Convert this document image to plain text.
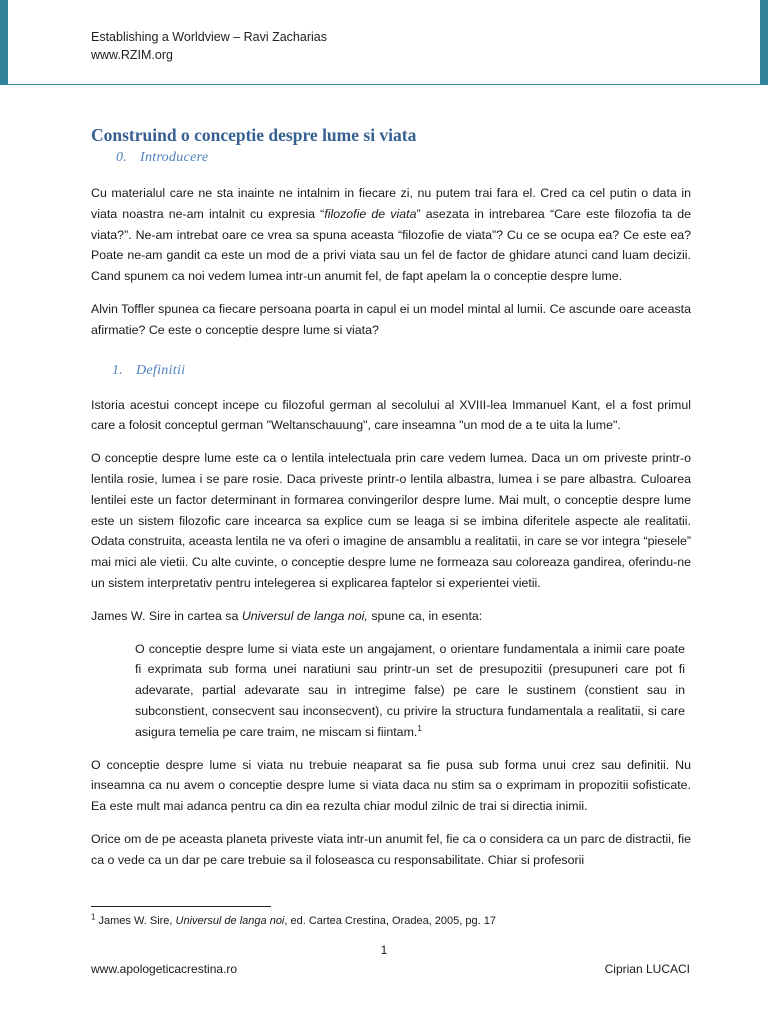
Establishing a Worldview – Ravi Zacharias
www.RZIM.org
Construind o conceptie despre lume si viata
0. Introducere

Cu materialul care ne sta inainte ne intalnim in fiecare zi, nu putem trai fara el. Cred ca cel putin o data in viata noastra ne-am intalnit cu expresia “filozofie de viata” asezata in intrebarea “Care este filozofia ta de viata?”. Ne-am intrebat oare ce vrea sa spuna aceasta “filozofie de viata”? Cu ce se ocupa ea? Ce este ea? Poate ne-am gandit ca este un mod de a privi viata sau un fel de factor de ghidare atunci cand luam decizii. Cand spunem ca noi vedem lumea intr-un anumit fel, de fapt apelam la o conceptie despre lume.

Alvin Toffler spunea ca fiecare persoana poarta in capul ei un model mintal al lumii. Ce ascunde oare aceasta afirmatie? Ce este o conceptie despre lume si viata?

1. Definitii

Istoria acestui concept incepe cu filozoful german al secolului al XVIII-lea Immanuel Kant, el a fost primul care a folosit conceptul german "Weltanschauung", care inseamna "un mod de a te uita la lume".

O conceptie despre lume este ca o lentila intelectuala prin care vedem lumea. Daca un om priveste printr-o lentila rosie, lumea i se pare rosie. Daca priveste printr-o lentila albastra, lumea i se pare albastra. Culoarea lentilei este un factor determinant in formarea convingerilor despre lume. Mai mult, o conceptie despre lume este un sistem filozofic care incearca sa explice cum se leaga si se imbina diferitele aspecte ale realitatii. Odata construita, aceasta lentila ne va oferi o imagine de ansamblu a realitatii, in care se vor integra “piesele” mai mici ale vietii. Cu alte cuvinte, o conceptie despre lume ne formeaza sau coloreaza gandirea, oferindu-ne un sistem interpretativ pentru intelegerea si explicarea faptelor si experientei vietii.

James W. Sire in cartea sa Universul de langa noi, spune ca, in esenta:

O conceptie despre lume si viata este un angajament, o orientare fundamentala a inimii care poate fi exprimata sub forma unei naratiuni sau printr-un set de presupozitii (presupuneri care pot fi adevarate, partial adevarate sau in intregime false) pe care le sustinem (constient sau in subconstient, consecvent sau inconsecvent), cu privire la structura fundamentala a realitatii, si care asigura temelia pe care traim, ne miscam si fiintam.$^1$

O conceptie despre lume si viata nu trebuie neaparat sa fie pusa sub forma unui crez sau definitii. Nu inseamna ca nu avem o conceptie despre lume si viata daca nu stim sa o exprimam in propozitii sofisticate. Ea este mult mai adanca pentru ca din ea rezulta chiar modul zilnic de trai si directia inimii.

Orice om de pe aceasta planeta priveste viata intr-un anumit fel, fie ca o considera ca un parc de distractii, fie ca o vede ca un dar pe care trebuie sa il foloseasca cu responsabilitate. Chiar si profesorii

$^1$ James W. Sire, Universul de langa noi, ed. Cartea Crestina, Oradea, 2005, pg. 17
1
www.apologeticacrestina.ro	Ciprian LUCACI
